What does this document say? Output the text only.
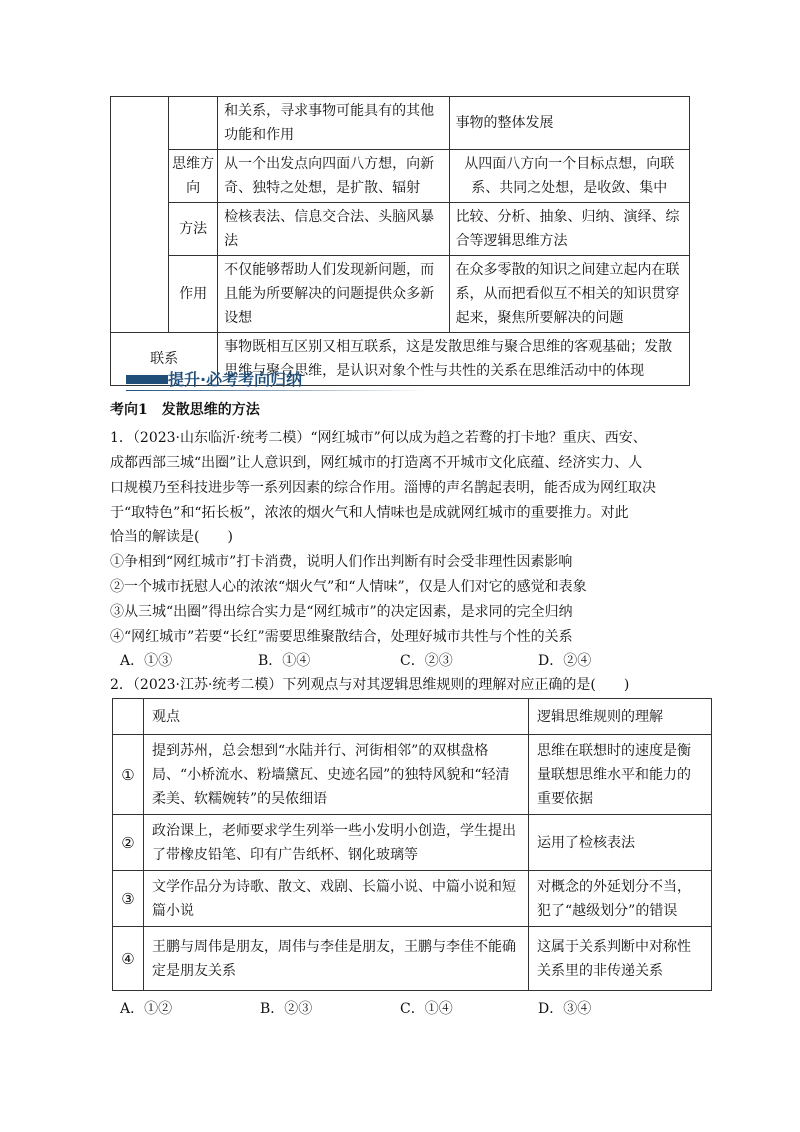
		和关系，寻求事物可能具有的其他功能和作用	事物的整体发展
	思维方向	从一个出发点向四面八方想，向新奇、独特之处想，是扩散、辐射	从四面八方向一个目标点想，向联系、共同之处想，是收敛、集中
	方法	检核表法、信息交合法、头脑风暴法	比较、分析、抽象、归纳、演绎、综合等逻辑思维方法
	作用	不仅能够帮助人们发现新问题，而且能为所要解决的问题提供众多新设想	在众多零散的知识之间建立起内在联系，从而把看似互不相关的知识贯穿起来，聚焦所要解决的问题
联系		事物既相互区别又相互联系，这是发散思维与聚合思维的客观基础；发散思维与聚合思维，是认识对象个性与共性的关系在思维活动中的体现	
提升·必考考向归纳
考向1　发散思维的方法
1．（2023·山东临沂·统考二模）“网红城市”何以成为趋之若鹜的打卡地？重庆、西安、
成都西部三城“出圈”让人意识到，网红城市的打造离不开城市文化底蕴、经济实力、人
口规模乃至科技进步等一系列因素的综合作用。淄博的声名鹊起表明，能否成为网红取决
于“取特色”和“拓长板”，浓浓的烟火气和人情味也是成就网红城市的重要推力。对此
恰当的解读是(　　)
①争相到“网红城市”打卡消费，说明人们作出判断有时会受非理性因素影响
②一个城市抚慰人心的浓浓“烟火气”和“人情味”，仅是人们对它的感觉和表象
③从三城“出圈”得出综合实力是“网红城市”的决定因素，是求同的完全归纳
④“网红城市”若要“长红”需要思维聚散结合，处理好城市共性与个性的关系
A．①③	B．①④	C．②③	D．②④
2．（2023·江苏·统考二模）下列观点与对其逻辑思维规则的理解对应正确的是(　　)
	观点	逻辑思维规则的理解
①	提到苏州，总会想到“水陆并行、河街相邻”的双棋盘格局、“小桥流水、粉墙黛瓦、史迹名园”的独特风貌和“轻清柔美、软糯婉转”的吴侬细语	思维在联想时的速度是衡量联想思维水平和能力的重要依据
②	政治课上，老师要求学生列举一些小发明小创造，学生提出了带橡皮铅笔、印有广告纸杯、钢化玻璃等	运用了检核表法
③	文学作品分为诗歌、散文、戏剧、长篇小说、中篇小说和短篇小说	对概念的外延划分不当，犯了“越级划分”的错误
④	王鹏与周伟是朋友，周伟与李佳是朋友，王鹏与李佳不能确定是朋友关系	这属于关系判断中对称性关系里的非传递关系
A．①②	B．②③	C．①④	D．③④
